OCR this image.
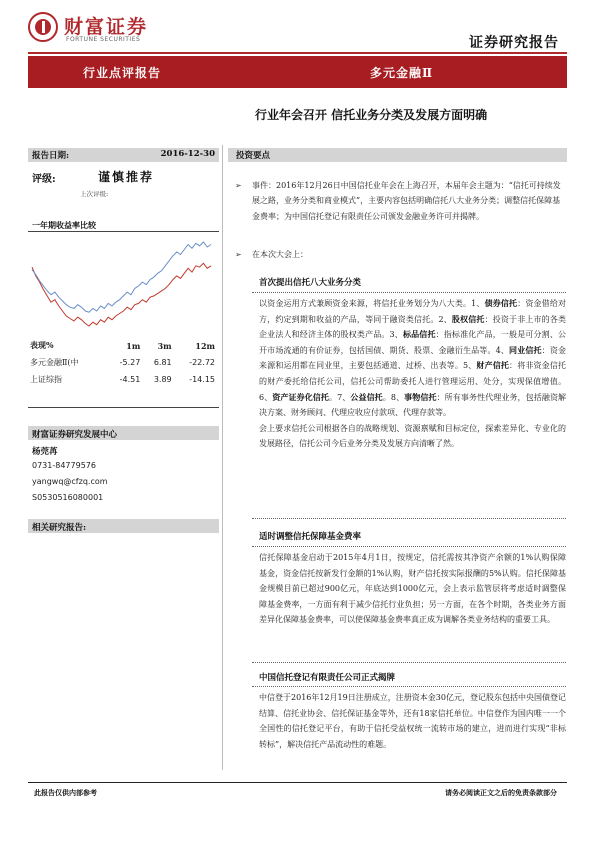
财富证券
FORTUNE SECURITIES	证券研究报告
行业点评报告	多元金融Ⅱ
行业年会召开 信托业务分类及发展方面明确
报告日期:	2016-12-30
评级:	谨慎推荐
上次评级:
一年期收益率比较
表现%	1m	3m	12m
多元金融Ⅱ(中	-5.27	6.81	-22.72
上证综指	-4.51	3.89	-14.15
财富证券研究发展中心
杨莞苒
0731-84779576
yangwq@cfzq.com
S0530516080001
相关研究报告:
投资要点
➢ 事件：2016年12月26日中国信托业年会在上海召开，本届年会主题为：“信托可持续发展之路，业务分类和商业模式”，主要内容包括明确信托八大业务分类；调整信托保障基金费率；为中国信托登记有限责任公司颁发金融业务许可并揭牌。

➢ 在本次大会上：

首次提出信托八大业务分类
以资金运用方式兼顾资金来源，将信托业务划分为八大类。1、债券信托：资金借给对方，约定到期和收益的产品，等同于融资类信托。2、股权信托：投资于非上市的各类企业法人和经济主体的股权类产品。3、标品信托：指标准化产品，一般是可分割、公开市场流通的有价证券，包括国债、期货、股票、金融衍生品等。4、同业信托：资金来源和运用都在同业里，主要包括通道、过桥、出表等。5、财产信托：将非资金信托的财产委托给信托公司，信托公司帮助委托人进行管理运用、处分，实现保值增值。6、资产证券化信托。7、公益信托。8、事物信托：所有事务性代理业务，包括融资解决方案、财务顾问、代理应收应付款项、代理存款等。
会上要求信托公司根据各自的战略规划、资源禀赋和目标定位，探索差异化、专业化的发展路径，信托公司今后业务分类及发展方向清晰了然。
适时调整信托保障基金费率
信托保障基金启动于2015年4月1日，按规定，信托需按其净资产余额的1%认购保障基金，资金信托按新发行金额的1%认购，财产信托按实际报酬的5%认购。信托保障基金规模目前已超过900亿元，年底达到1000亿元，会上表示监管层将考虑适时调整保障基金费率，一方面有利于减少信托行业负担；另一方面，在各个时期，各类业务方面差异化保障基金费率，可以使保障基金费率真正成为调解各类业务结构的重要工具。
中国信托登记有限责任公司正式揭牌
中信登于2016年12月19日注册成立，注册资本金30亿元，登记股东包括中央国债登记结算、信托业协会、信托保证基金等外，还有18家信托单位。中信登作为国内唯一一个全国性的信托登记平台，有助于信托受益权统一流转市场的建立，进而进行实现“非标转标”，解决信托产品流动性的难题。
此报告仅供内部参考	请务必阅读正文之后的免责条款部分
